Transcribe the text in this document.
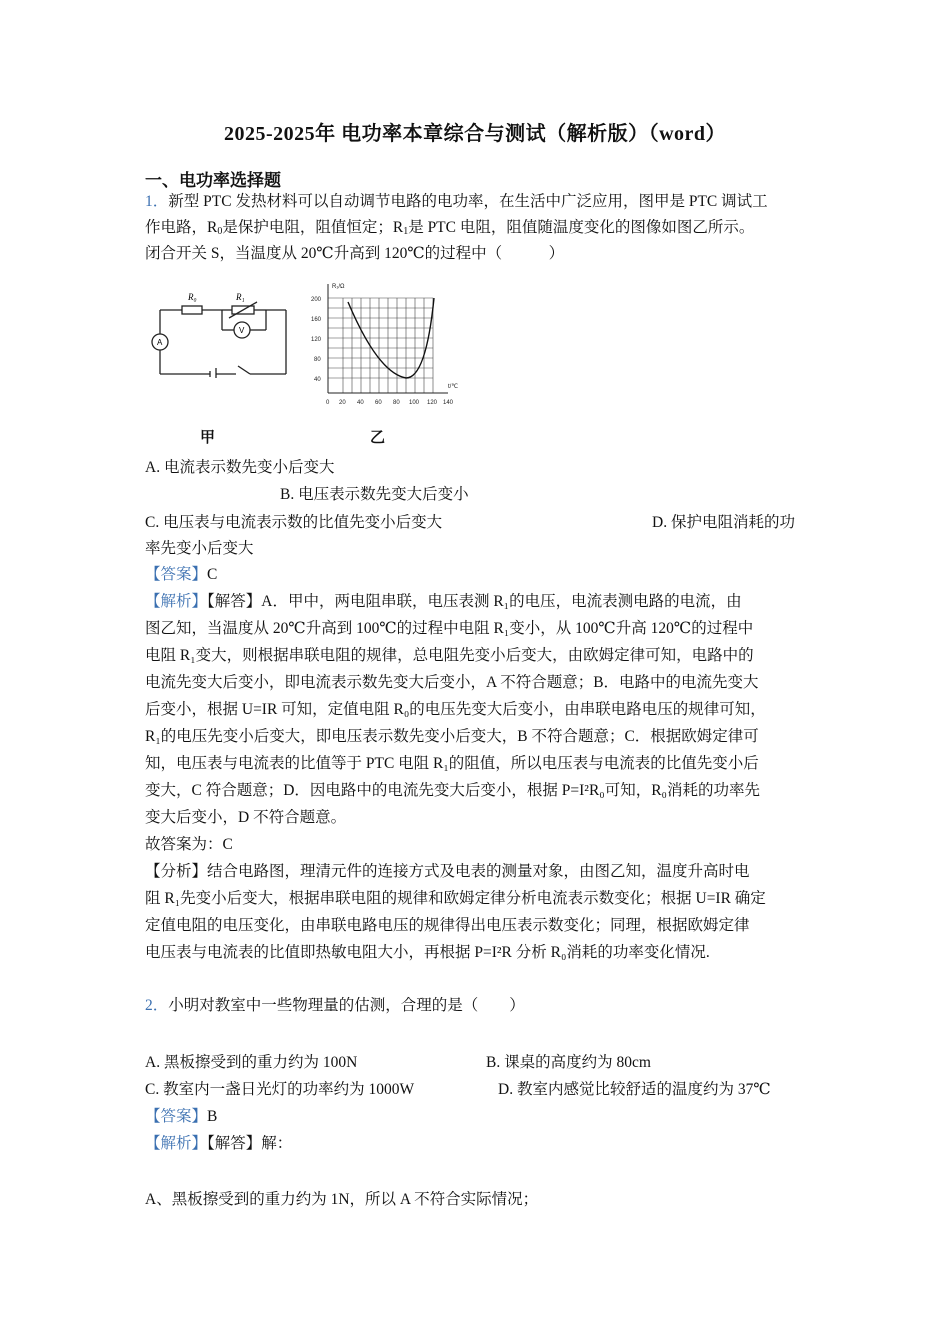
2025-2025年 电功率本章综合与测试（解析版）（word）
一、电功率选择题
1．新型 PTC 发热材料可以自动调节电路的电功率，在生活中广泛应用，图甲是 PTC 调试工
作电路，$R_0$是保护电阻，阻值恒定；$R_1$是 PTC 电阻，阻值随温度变化的图像如图乙所示。
闭合开关 S，当温度从 20℃升高到 120℃的过程中（　　　）
R₀	R₁
V
A
R₁/Ω
t/℃
40
80
120
160
200
0 20 40 60 80 100 120 140
甲	乙
A. 电流表示数先变小后变大
B. 电压表示数先变大后变小
C. 电压表与电流表示数的比值先变小后变大	D. 保护电阻消耗的功
率先变小后变大
【答案】C
【解析】【解答】A．甲中，两电阻串联，电压表测 R₁的电压，电流表测电路的电流，由
图乙知，当温度从 20℃升高到 100℃的过程中电阻 R₁变小，从 100℃升高 120℃的过程中
电阻 R₁变大，则根据串联电阻的规律，总电阻先变小后变大，由欧姆定律可知，电路中的
电流先变大后变小，即电流表示数先变大后变小，A 不符合题意；B．电路中的电流先变大
后变小，根据 U=IR 可知，定值电阻 R₀的电压先变大后变小，由串联电路电压的规律可知，
R₁的电压先变小后变大，即电压表示数先变小后变大，B 不符合题意；C．根据欧姆定律可
知，电压表与电流表的比值等于 PTC 电阻 R₁的阻值，所以电压表与电流表的比值先变小后
变大，C 符合题意；D．因电路中的电流先变大后变小，根据 P=I²R₀可知，R₀消耗的功率先
变大后变小，D 不符合题意。
故答案为：C
【分析】结合电路图，理清元件的连接方式及电表的测量对象，由图乙知，温度升高时电
阻 R₁先变小后变大，根据串联电阻的规律和欧姆定律分析电流表示数变化；根据 U=IR 确定
定值电阻的电压变化，由串联电路电压的规律得出电压表示数变化；同理，根据欧姆定律
电压表与电流表的比值即热敏电阻大小，再根据 P=I²R 分析 R₀消耗的功率变化情况.
2．小明对教室中一些物理量的估测，合理的是（　　）
A. 黑板擦受到的重力约为 100N	B. 课桌的高度约为 80cm
C. 教室内一盏日光灯的功率约为 1000W	D. 教室内感觉比较舒适的温度约为 37℃
【答案】B
【解析】【解答】解：
A、黑板擦受到的重力约为 1N，所以 A 不符合实际情况；
